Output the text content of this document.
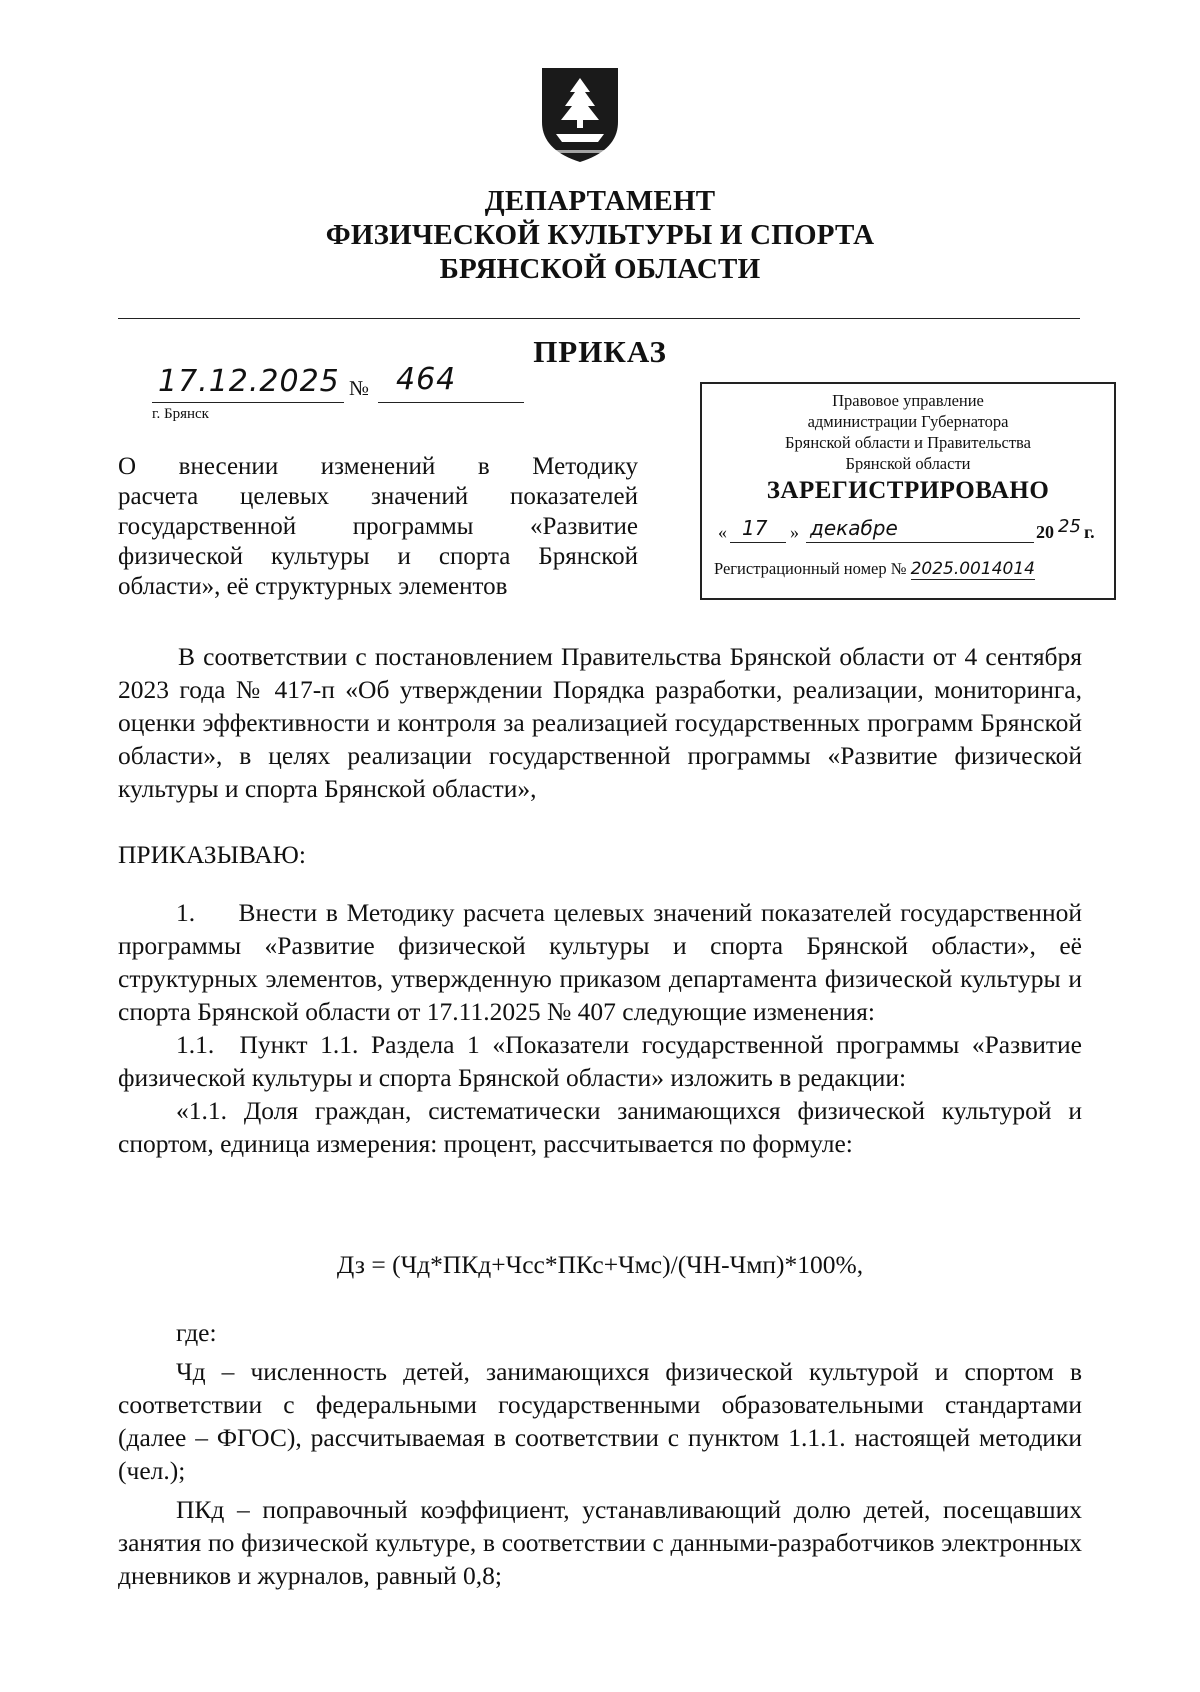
ДЕПАРТАМЕНТ
ФИЗИЧЕСКОЙ КУЛЬТУРЫ И СПОРТА
БРЯНСКОЙ ОБЛАСТИ
ПРИКАЗ
17.12.2025 № 464
г. Брянск
О внесении изменений в Методику
расчета целевых значений показателей
государственной программы «Развитие
физической культуры и спорта Брянской
области», её структурных элементов
Правовое управление
администрации Губернатора
Брянской области и Правительства
Брянской области
ЗАРЕГИСТРИРОВАНО
« 17 » декабре	20 25 г.
Регистрационный номер № 2025.0014014
В соответствии с постановлением Правительства Брянской области от 4 сентября 2023 года № 417-п «Об утверждении Порядка разработки, реализации, мониторинга, оценки эффективности и контроля за реализацией государственных программ Брянской области», в целях реализации государственной программы «Развитие физической культуры и спорта Брянской области»,
ПРИКАЗЫВАЮ:
1.     Внести в Методику расчета целевых значений показателей государственной программы «Развитие физической культуры и спорта Брянской области», её структурных элементов, утвержденную приказом департамента физической культуры и спорта Брянской области от 17.11.2025 № 407 следующие изменения:
1.1.  Пункт 1.1. Раздела 1 «Показатели государственной программы «Развитие физической культуры и спорта Брянской области» изложить в редакции:
«1.1. Доля граждан, систематически занимающихся физической культурой и спортом, единица измерения: процент, рассчитывается по формуле:
Дз = (Чд*ПКд+Чсс*ПКс+Чмс)/(ЧН-Чмп)*100%,
где:
Чд – численность детей, занимающихся физической культурой и спортом в соответствии с федеральными государственными образовательными стандартами (далее – ФГОС), рассчитываемая в соответствии с пунктом 1.1.1. настоящей методики (чел.);
ПКд – поправочный коэффициент, устанавливающий долю детей, посещавших занятия по физической культуре, в соответствии с данными-разработчиков электронных дневников и журналов, равный 0,8;
